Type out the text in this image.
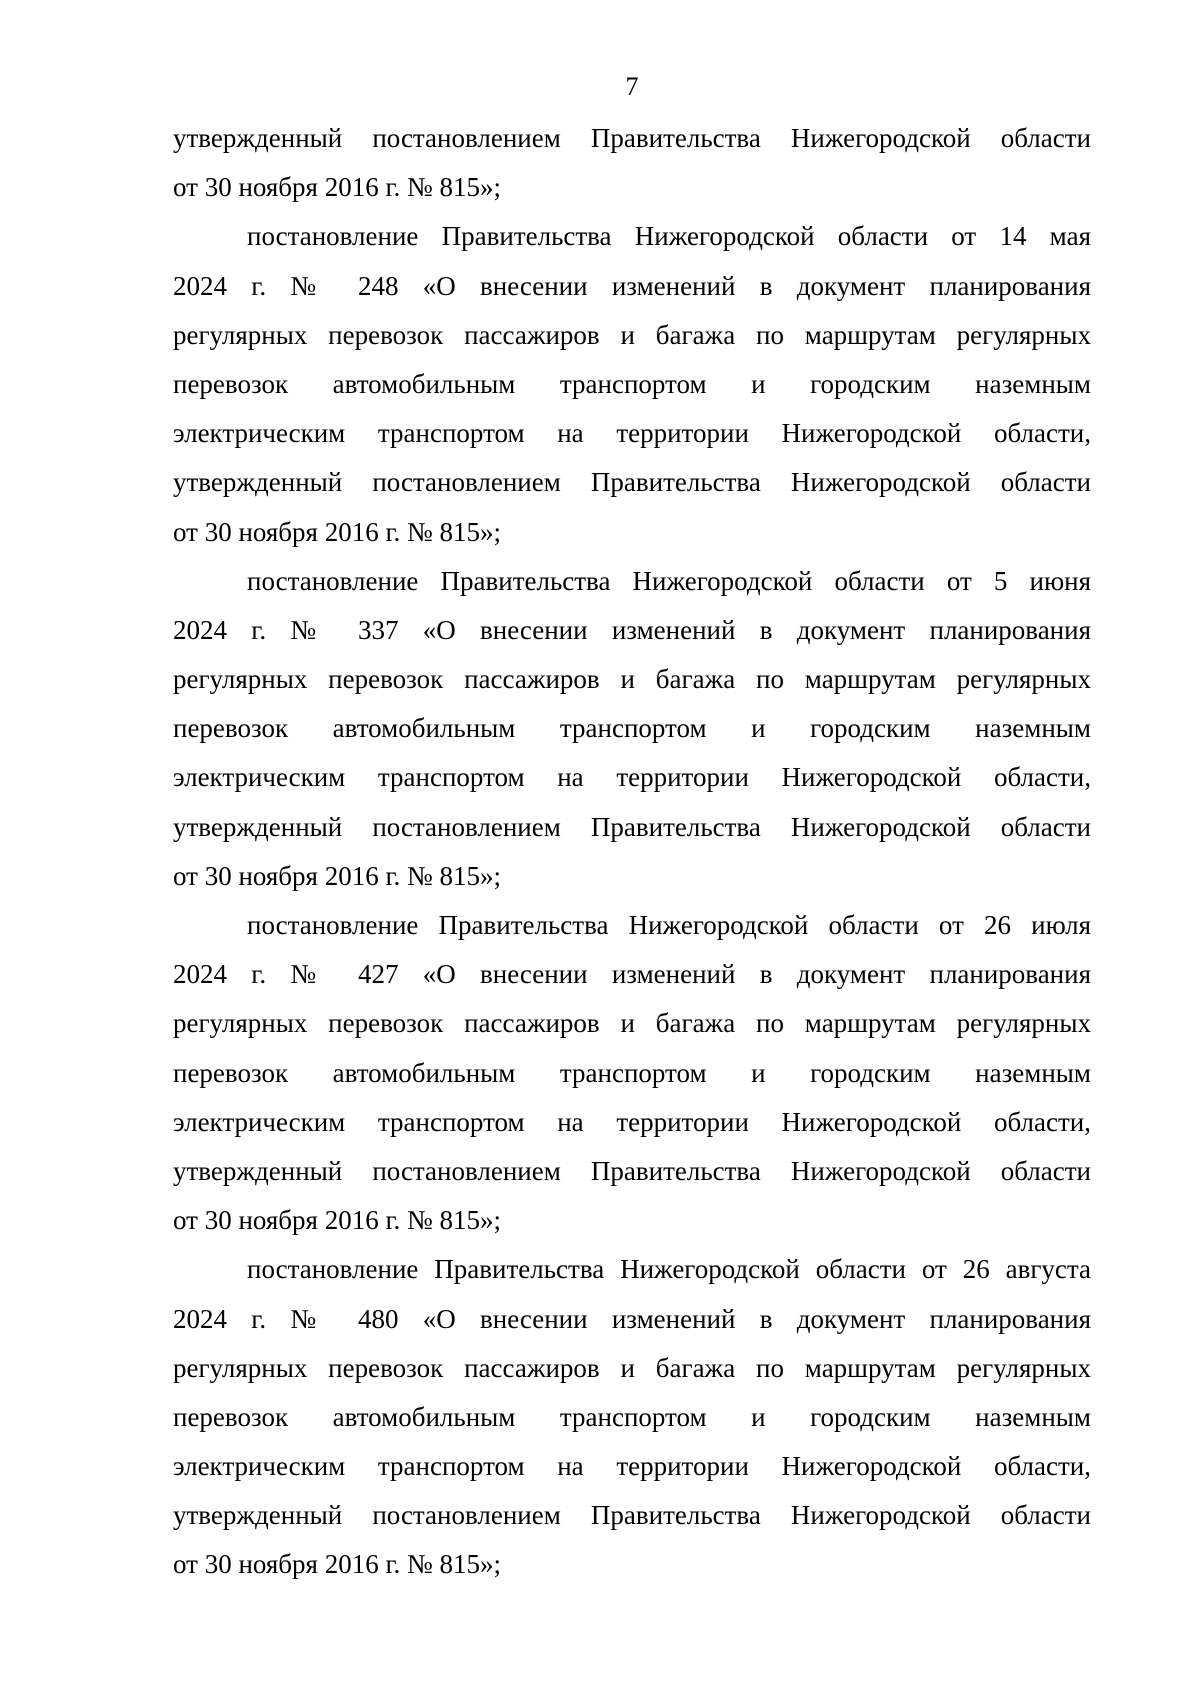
7
утвержденный постановлением Правительства Нижегородской области
от 30 ноября 2016 г. № 815»;
постановление Правительства Нижегородской области от 14 мая
2024 г. № 248 «О внесении изменений в документ планирования
регулярных перевозок пассажиров и багажа по маршрутам регулярных
перевозок автомобильным транспортом и городским наземным
электрическим транспортом на территории Нижегородской области,
утвержденный постановлением Правительства Нижегородской области
от 30 ноября 2016 г. № 815»;
постановление Правительства Нижегородской области от 5 июня
2024 г. № 337 «О внесении изменений в документ планирования
регулярных перевозок пассажиров и багажа по маршрутам регулярных
перевозок автомобильным транспортом и городским наземным
электрическим транспортом на территории Нижегородской области,
утвержденный постановлением Правительства Нижегородской области
от 30 ноября 2016 г. № 815»;
постановление Правительства Нижегородской области от 26 июля
2024 г. № 427 «О внесении изменений в документ планирования
регулярных перевозок пассажиров и багажа по маршрутам регулярных
перевозок автомобильным транспортом и городским наземным
электрическим транспортом на территории Нижегородской области,
утвержденный постановлением Правительства Нижегородской области
от 30 ноября 2016 г. № 815»;
постановление Правительства Нижегородской области от 26 августа
2024 г. № 480 «О внесении изменений в документ планирования
регулярных перевозок пассажиров и багажа по маршрутам регулярных
перевозок автомобильным транспортом и городским наземным
электрическим транспортом на территории Нижегородской области,
утвержденный постановлением Правительства Нижегородской области
от 30 ноября 2016 г. № 815»;
